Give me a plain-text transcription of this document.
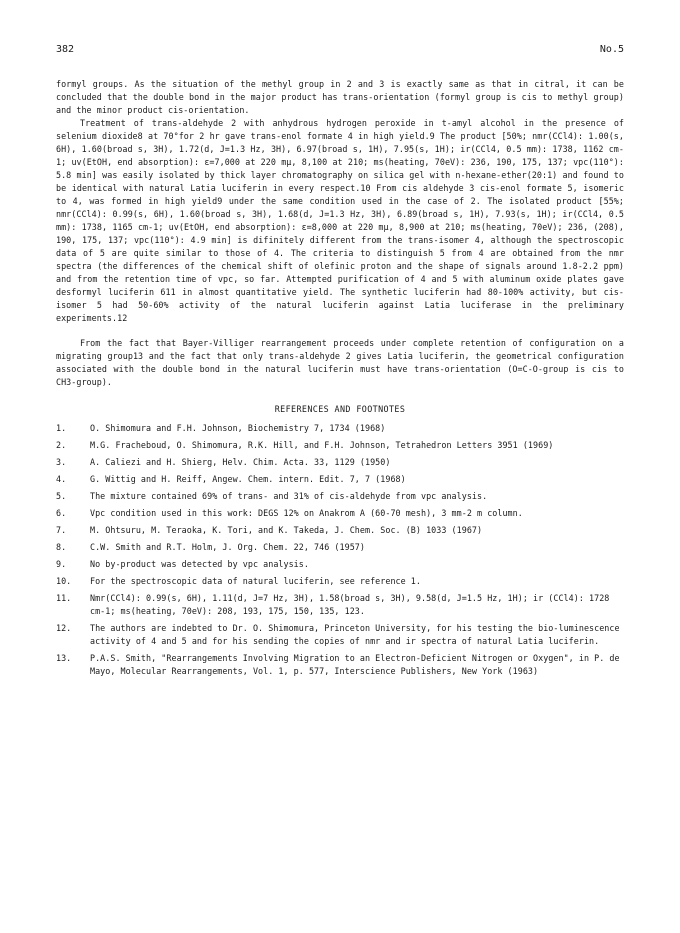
382	No.5

formyl groups. As the situation of the methyl group in 2 and 3 is exactly same as that in citral, it can be concluded that the double bond in the major product has trans-orientation (formyl group is cis to methyl group) and the minor product cis-orientation.

Treatment of trans-aldehyde 2 with anhydrous hydrogen peroxide in t-amyl alcohol in the presence of selenium dioxide8 at 70°for 2 hr gave trans-enol formate 4 in high yield.9 The product [50%; nmr(CCl4): 1.00(s, 6H), 1.60(broad s, 3H), 1.72(d, J=1.3 Hz, 3H), 6.97(broad s, 1H), 7.95(s, 1H); ir(CCl4, 0.5 mm): 1738, 1162 cm-1; uv(EtOH, end absorption): ε=7,000 at 220 mμ, 8,100 at 210; ms(heating, 70eV): 236, 190, 175, 137; vpc(110°): 5.8 min] was easily isolated by thick layer chromatography on silica gel with n-hexane-ether(20:1) and found to be identical with natural Latia luciferin in every respect.10 From cis aldehyde 3 cis-enol formate 5, isomeric to 4, was formed in high yield9 under the same condition used in the case of 2. The isolated product [55%; nmr(CCl4): 0.99(s, 6H), 1.60(broad s, 3H), 1.68(d, J=1.3 Hz, 3H), 6.89(broad s, 1H), 7.93(s, 1H); ir(CCl4, 0.5 mm): 1738, 1165 cm-1; uv(EtOH, end absorption): ε=8,000 at 220 mμ, 8,900 at 210; ms(heating, 70eV); 236, (208), 190, 175, 137; vpc(110°): 4.9 min] is difinitely different from the trans-isomer 4, although the spectroscopic data of 5 are quite similar to those of 4. The criteria to distinguish 5 from 4 are obtained from the nmr spectra (the differences of the chemical shift of olefinic proton and the shape of signals around 1.8-2.2 ppm) and from the retention time of vpc, so far. Attempted purification of 4 and 5 with aluminum oxide plates gave desformyl luciferin 611 in almost quantitative yield. The synthetic luciferin had 80-100% activity, but cis-isomer 5 had 50-60% activity of the natural luciferin against Latia luciferase in the preliminary experiments.12

From the fact that Bayer-Villiger rearrangement proceeds under complete retention of configuration on a migrating group13 and the fact that only trans-aldehyde 2 gives Latia luciferin, the geometrical configuration associated with the double bond in the natural luciferin must have trans-orientation (O=C-O-group is cis to CH3-group).

REFERENCES AND FOOTNOTES
1.	O. Shimomura and F.H. Johnson, Biochemistry 7, 1734 (1968)
2.	M.G. Fracheboud, O. Shimomura, R.K. Hill, and F.H. Johnson, Tetrahedron Letters 3951 (1969)
3.	A. Caliezi and H. Shierg, Helv. Chim. Acta. 33, 1129 (1950)
4.	G. Wittig and H. Reiff, Angew. Chem. intern. Edit. 7, 7 (1968)
5.	The mixture contained 69% of trans- and 31% of cis-aldehyde from vpc analysis.
6.	Vpc condition used in this work: DEGS 12% on Anakrom A (60-70 mesh), 3 mm-2 m column.
7.	M. Ohtsuru, M. Teraoka, K. Tori, and K. Takeda, J. Chem. Soc. (B) 1033 (1967)
8.	C.W. Smith and R.T. Holm, J. Org. Chem. 22, 746 (1957)
9.	No by-product was detected by vpc analysis.
10.	For the spectroscopic data of natural luciferin, see reference 1.
11.	Nmr(CCl4): 0.99(s, 6H), 1.11(d, J=7 Hz, 3H), 1.58(broad s, 3H), 9.58(d, J=1.5 Hz, 1H); ir (CCl4): 1728 cm-1; ms(heating, 70eV): 208, 193, 175, 150, 135, 123.
12.	The authors are indebted to Dr. O. Shimomura, Princeton University, for his testing the bio-luminescence activity of 4 and 5 and for his sending the copies of nmr and ir spectra of natural Latia luciferin.
13.	P.A.S. Smith, "Rearrangements Involving Migration to an Electron-Deficient Nitrogen or Oxygen", in P. de Mayo, Molecular Rearrangements, Vol. 1, p. 577, Interscience Publishers, New York (1963)
